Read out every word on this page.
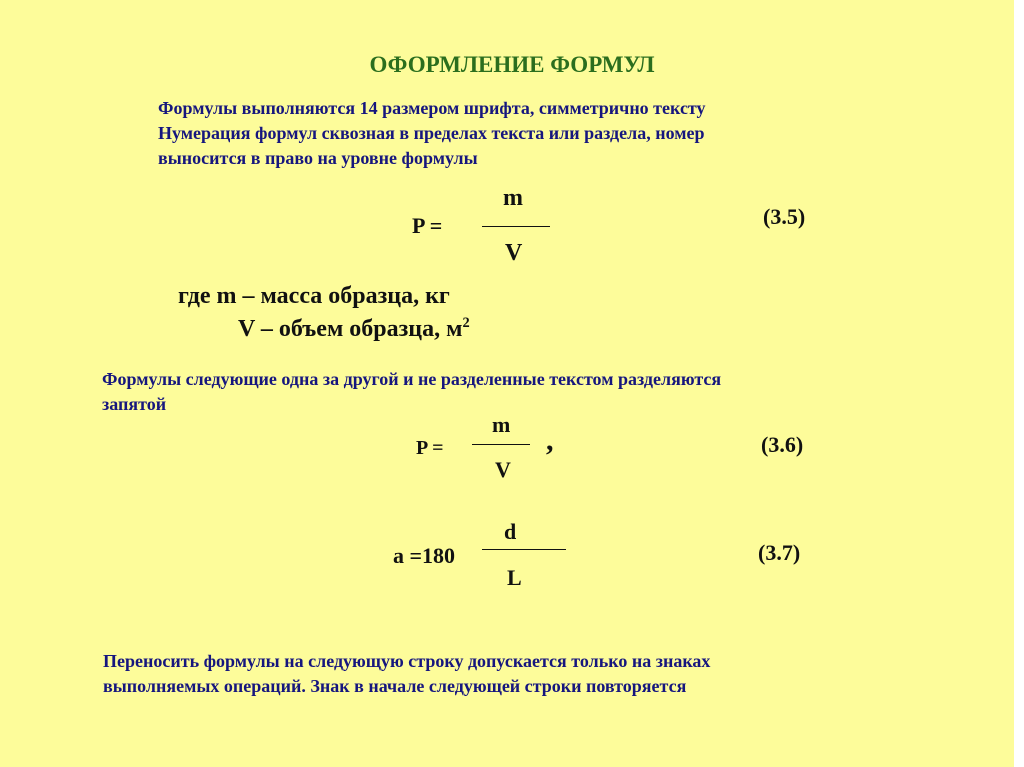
ОФОРМЛЕНИЕ ФОРМУЛ
Формулы выполняются 14 размером шрифта, симметрично тексту
Нумерация формул сквозная в пределах текста или раздела, номер
выносится в право на уровне формулы
P =
m
V
(3.5)
где m – масса образца, кг
V – объем образца, $м^2$
Формулы следующие одна за другой и не разделенные текстом разделяются
запятой
P =
m
V
,	(3.6)
a =180
d
L
(3.7)
Переносить формулы на следующую строку допускается только на знаках
выполняемых операций. Знак в начале следующей строки повторяется
